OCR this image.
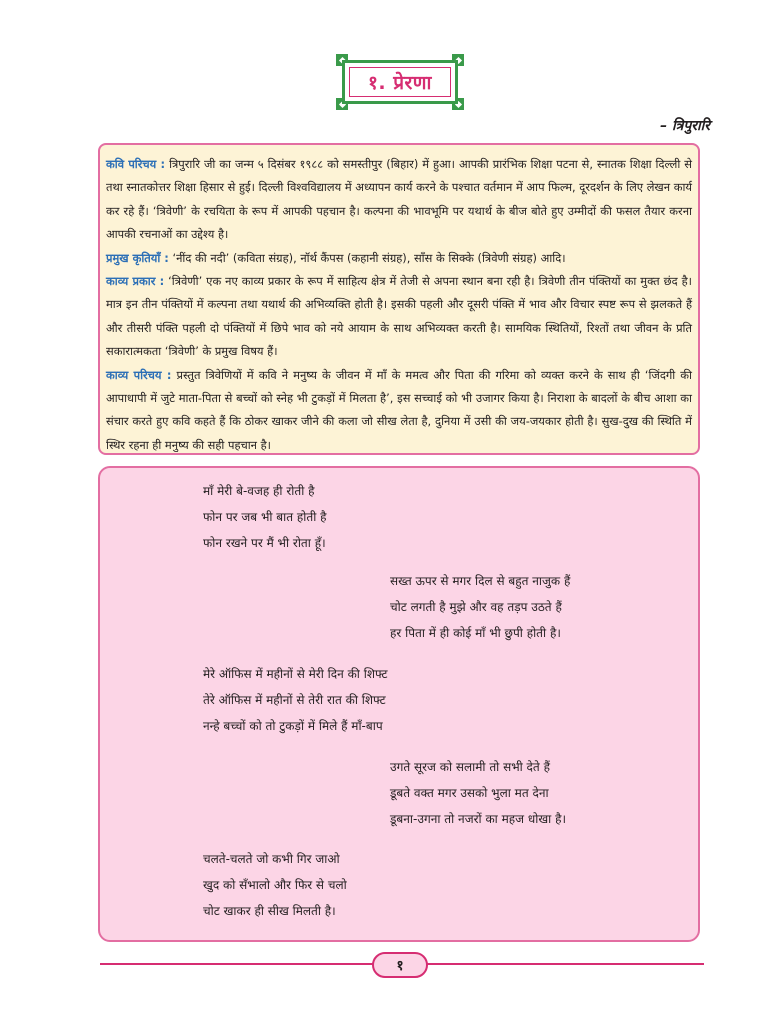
१. प्रेरणा
– त्रिपुरारि

कवि परिचय : त्रिपुरारि जी का जन्म ५ दिसंबर १९८८ को समस्तीपुर (बिहार) में हुआ। आपकी प्रारंभिक शिक्षा पटना से, स्नातक शिक्षा दिल्ली से तथा स्नातकोत्तर शिक्षा हिसार से हुई। दिल्ली विश्वविद्यालय में अध्यापन कार्य करने के पश्चात वर्तमान में आप फिल्म, दूरदर्शन के लिए लेखन कार्य कर रहे हैं। ‘त्रिवेणी’ के रचयिता के रूप में आपकी पहचान है। कल्पना की भावभूमि पर यथार्थ के बीज बोते हुए उम्मीदों की फसल तैयार करना आपकी रचनाओं का उद्देश्य है।

प्रमुख कृतियाँ : ‘नींद की नदी’ (कविता संग्रह), नॉर्थ कैंपस (कहानी संग्रह), साँस के सिक्के (त्रिवेणी संग्रह) आदि।

काव्य प्रकार : ‘त्रिवेणी’ एक नए काव्य प्रकार के रूप में साहित्य क्षेत्र में तेजी से अपना स्थान बना रही है। त्रिवेणी तीन पंक्तियों का मुक्त छंद है। मात्र इन तीन पंक्तियों में कल्पना तथा यथार्थ की अभिव्यक्ति होती है। इसकी पहली और दूसरी पंक्ति में भाव और विचार स्पष्ट रूप से झलकते हैं और तीसरी पंक्ति पहली दो पंक्तियों में छिपे भाव को नये आयाम के साथ अभिव्यक्त करती है। सामयिक स्थितियों, रिश्तों तथा जीवन के प्रति सकारात्मकता ‘त्रिवेणी’ के प्रमुख विषय हैं।

काव्य परिचय : प्रस्तुत त्रिवेणियों में कवि ने मनुष्य के जीवन में माँ के ममत्व और पिता की गरिमा को व्यक्त करने के साथ ही ‘जिंदगी की आपाधापी में जुटे माता-पिता से बच्चों को स्नेह भी टुकड़ों में मिलता है’, इस सच्चाई को भी उजागर किया है। निराशा के बादलों के बीच आशा का संचार करते हुए कवि कहते हैं कि ठोकर खाकर जीने की कला जो सीख लेता है, दुनिया में उसी की जय-जयकार होती है। सुख-दुख की स्थिति में स्थिर रहना ही मनुष्य की सही पहचान है।

माँ मेरी बे-वजह ही रोती है
फोन पर जब भी बात होती है
फोन रखने पर मैं भी रोता हूँ।
सख्त ऊपर से मगर दिल से बहुत नाजुक हैं
चोट लगती है मुझे और वह तड़प उठते हैं
हर पिता में ही कोई माँ भी छुपी होती है।
मेरे ऑफिस में महीनों से मेरी दिन की शिफ्ट
तेरे ऑफिस में महीनों से तेरी रात की शिफ्ट
नन्हे बच्चों को तो टुकड़ों में मिले हैं माँ-बाप
उगते सूरज को सलामी तो सभी देते हैं
डूबते वक्त मगर उसको भुला मत देना
डूबना-उगना तो नजरों का महज धोखा है।
चलते-चलते जो कभी गिर जाओ
खुद को सँभालो और फिर से चलो
चोट खाकर ही सीख मिलती है।
१
